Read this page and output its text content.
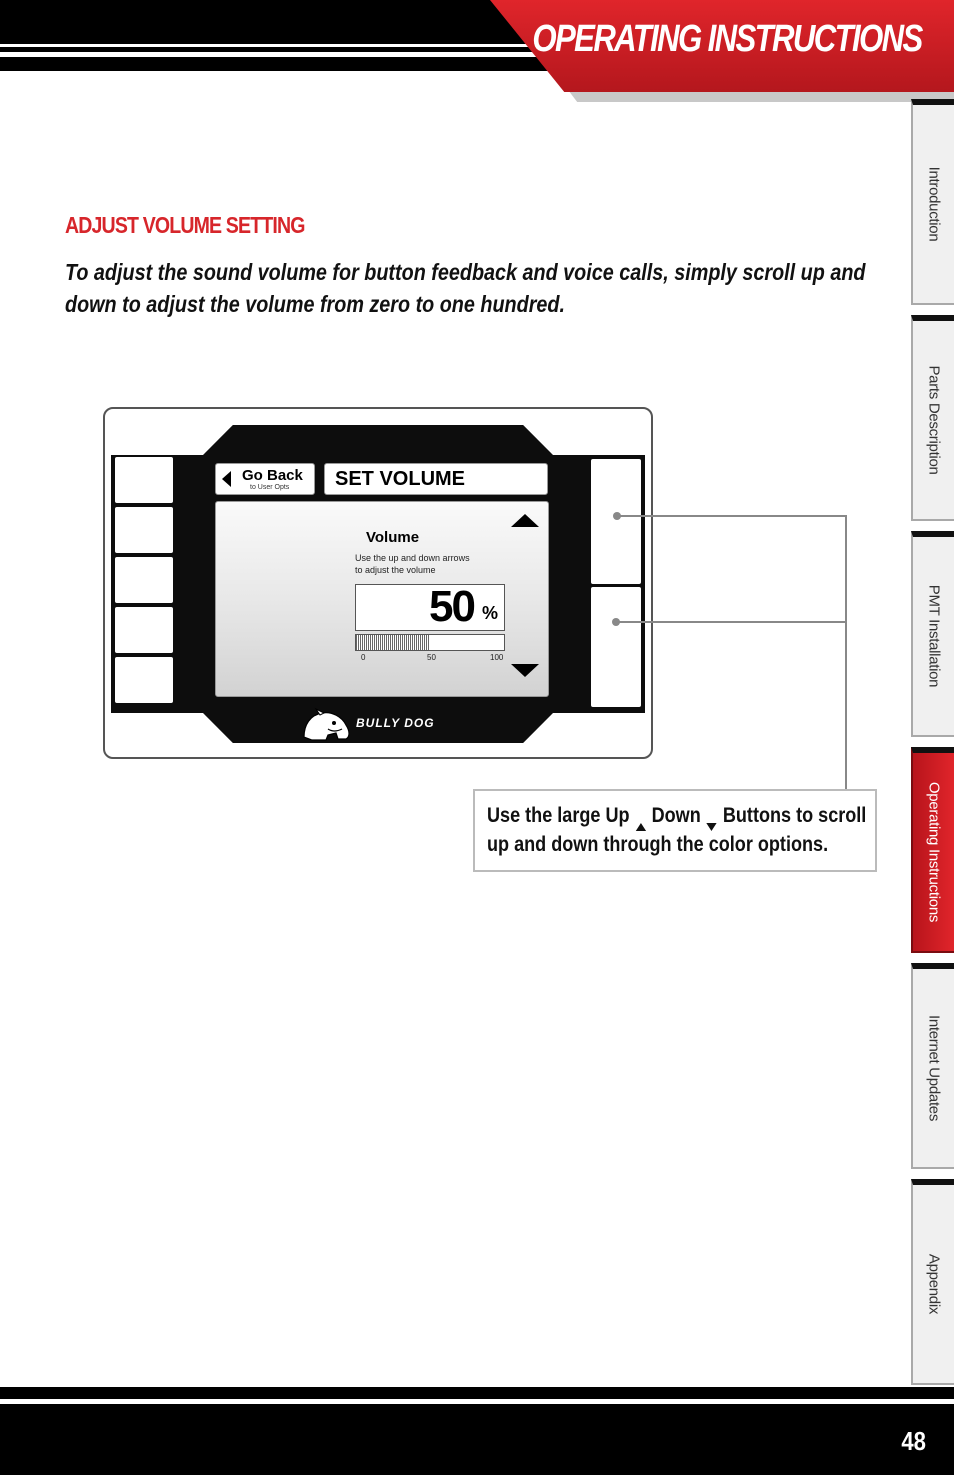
OPERATING INSTRUCTIONS
Introduction
Parts Description
PMT Installation
Operating Instructions
Internet Updates
Appendix
ADJUST VOLUME SETTING
To adjust the sound volume for button feedback and voice calls, simply scroll up and down to adjust the volume from zero to one hundred.
Go Back
to User Opts SET VOLUME
Volume
Use the up and down arrows
to adjust the volume
50 %
0	50	100
BULLY DOG

Use the large Up Down Buttons to scroll up and down through the color options.

48
